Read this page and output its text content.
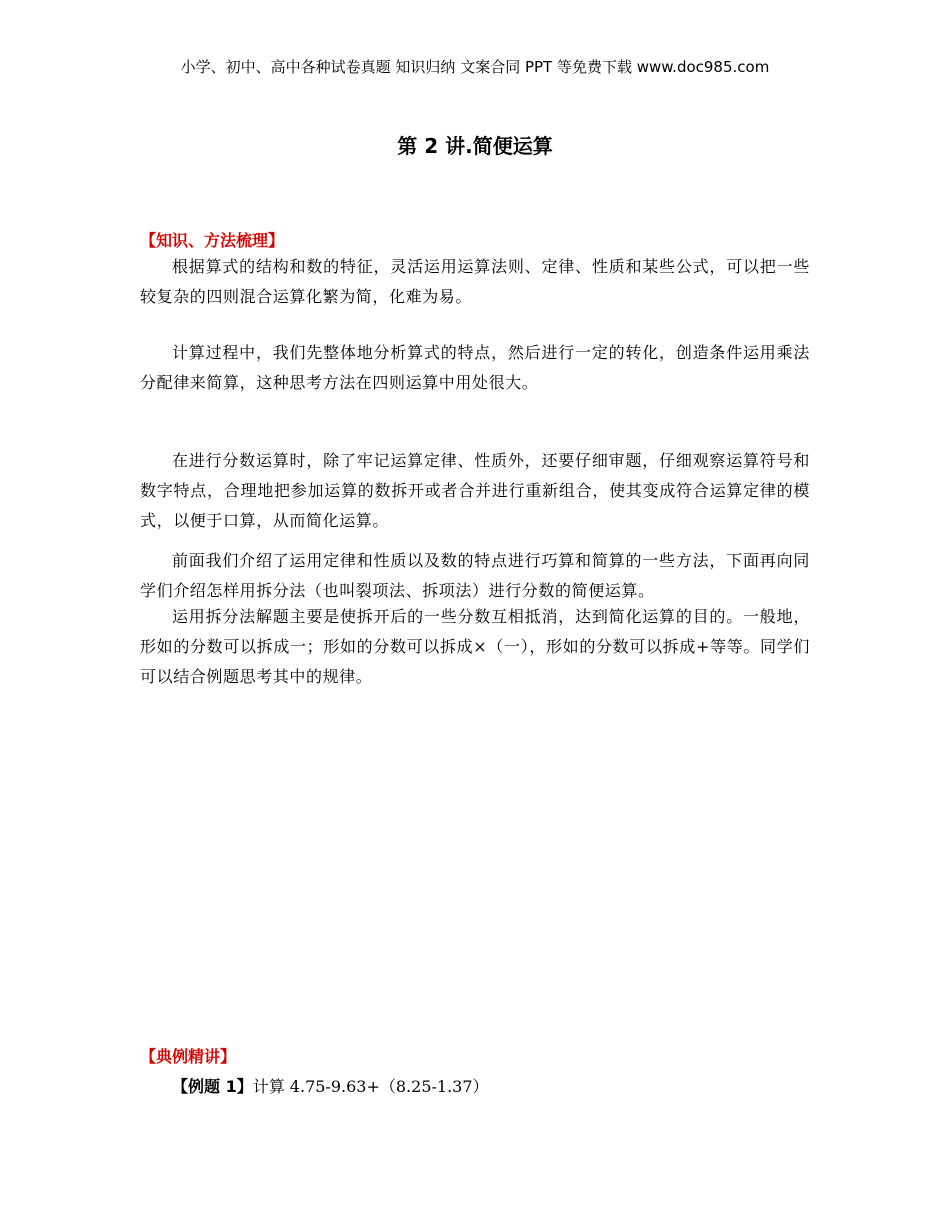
小学、初中、高中各种试卷真题 知识归纳 文案合同 PPT 等免费下载 www.doc985.com
第 2 讲.简便运算
【知识、方法梳理】
根据算式的结构和数的特征，灵活运用运算法则、定律、性质和某些公式，可以把一些较复杂的四则混合运算化繁为简，化难为易。
计算过程中，我们先整体地分析算式的特点，然后进行一定的转化，创造条件运用乘法分配律来简算，这种思考方法在四则运算中用处很大。
在进行分数运算时，除了牢记运算定律、性质外，还要仔细审题，仔细观察运算符号和数字特点，合理地把参加运算的数拆开或者合并进行重新组合，使其变成符合运算定律的模式，以便于口算，从而简化运算。
前面我们介绍了运用定律和性质以及数的特点进行巧算和简算的一些方法，下面再向同学们介绍怎样用拆分法（也叫裂项法、拆项法）进行分数的简便运算。
运用拆分法解题主要是使拆开后的一些分数互相抵消，达到简化运算的目的。一般地，形如的分数可以拆成一；形如的分数可以拆成×（一），形如的分数可以拆成+等等。同学们可以结合例题思考其中的规律。
【典例精讲】
【例题 1】计算 4.75-9.63+（8.25-1.37）
